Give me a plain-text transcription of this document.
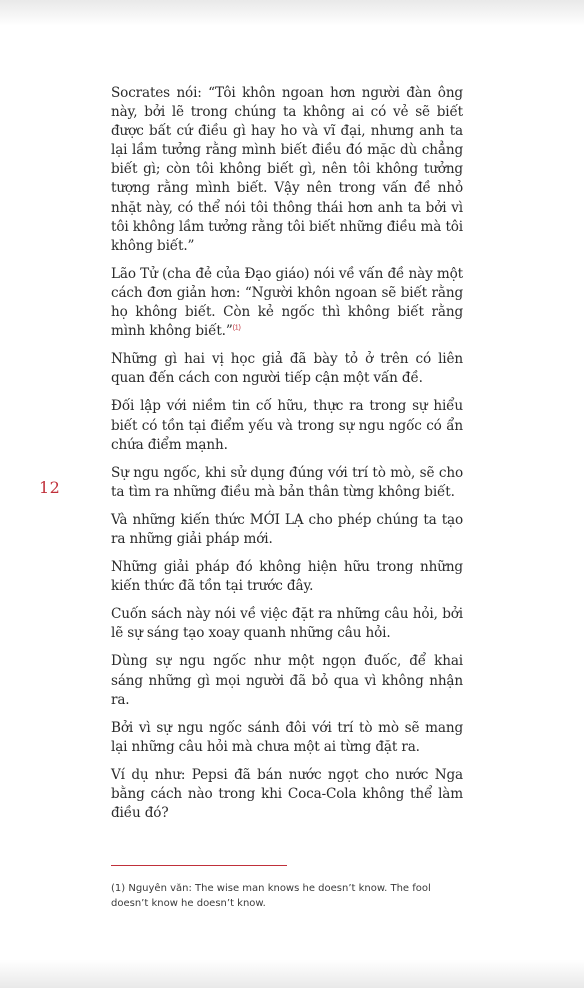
Socrates nói: “Tôi khôn ngoan hơn người đàn ông này, bởi lẽ trong chúng ta không ai có vẻ sẽ biết được bất cứ điều gì hay ho và vĩ đại, nhưng anh ta lại lầm tưởng rằng mình biết điều đó mặc dù chẳng biết gì; còn tôi không biết gì, nên tôi không tưởng tượng rằng mình biết. Vậy nên trong vấn đề nhỏ nhặt này, có thể nói tôi thông thái hơn anh ta bởi vì tôi không lầm tưởng rằng tôi biết những điều mà tôi không biết.”

Lão Tử (cha đẻ của Đạo giáo) nói về vấn đề này một cách đơn giản hơn: “Người khôn ngoan sẽ biết rằng họ không biết. Còn kẻ ngốc thì không biết rằng mình không biết.”$^{(1)}$

Những gì hai vị học giả đã bày tỏ ở trên có liên quan đến cách con người tiếp cận một vấn đề.

Đối lập với niềm tin cố hữu, thực ra trong sự hiểu biết có tồn tại điểm yếu và trong sự ngu ngốc có ẩn chứa điểm mạnh.

Sự ngu ngốc, khi sử dụng đúng với trí tò mò, sẽ cho ta tìm ra những điều mà bản thân từng không biết.

Và những kiến thức MỚI LẠ cho phép chúng ta tạo ra những giải pháp mới.

Những giải pháp đó không hiện hữu trong những kiến thức đã tồn tại trước đây.

Cuốn sách này nói về việc đặt ra những câu hỏi, bởi lẽ sự sáng tạo xoay quanh những câu hỏi.

Dùng sự ngu ngốc như một ngọn đuốc, để khai sáng những gì mọi người đã bỏ qua vì không nhận ra.

Bởi vì sự ngu ngốc sánh đôi với trí tò mò sẽ mang lại những câu hỏi mà chưa một ai từng đặt ra.

Ví dụ như: Pepsi đã bán nước ngọt cho nước Nga bằng cách nào trong khi Coca-Cola không thể làm điều đó?

12
(1) Nguyên văn: The wise man knows he doesn’t know. The fool doesn’t know he doesn’t know.
